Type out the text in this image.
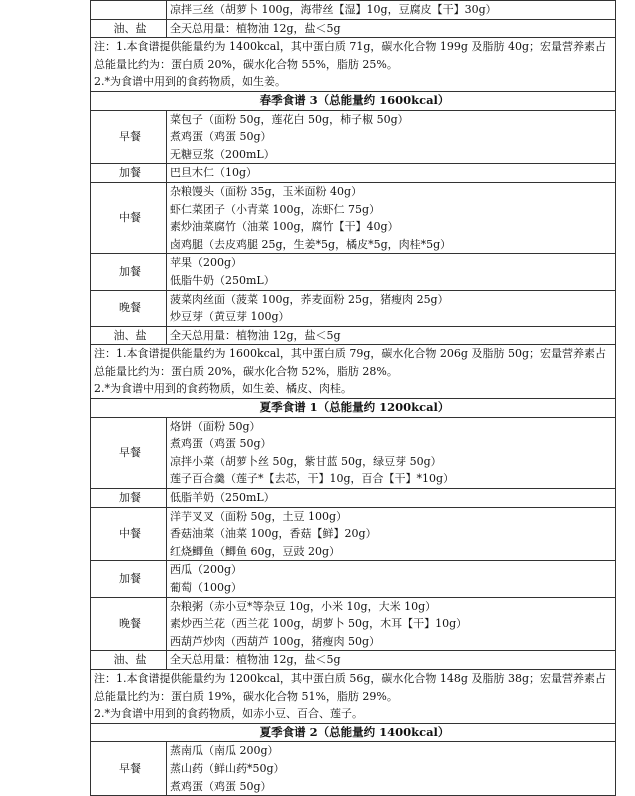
	凉拌三丝（胡萝卜 100g，海带丝【湿】10g，豆腐皮【干】30g）

油、盐	全天总用量：植物油 12g，盐＜5g

注：1.本食谱提供能量约为 1400kcal，其中蛋白质 71g，碳水化合物 199g 及脂肪 40g；宏量营养素占总能量比约为：蛋白质 20%，碳水化合物 55%，脂肪 25%。
2.*为食谱中用到的食药物质，如生姜。	

春季食谱 3（总能量约 1600kcal）	
早餐	菜包子（面粉 50g，莲花白 50g，柿子椒 50g）
煮鸡蛋（鸡蛋 50g）
无糖豆浆（200mL）

加餐	巴旦木仁（10g）

中餐	杂粮馒头（面粉 35g，玉米面粉 40g）
虾仁菜团子（小青菜 100g，冻虾仁 75g）
素炒油菜腐竹（油菜 100g，腐竹【干】40g）
卤鸡腿（去皮鸡腿 25g，生姜*5g，橘皮*5g，肉桂*5g）

加餐	苹果（200g）
低脂牛奶（250mL）

晚餐	菠菜肉丝面（菠菜 100g，荞麦面粉 25g，猪瘦肉 25g）
炒豆芽（黄豆芽 100g）

油、盐	全天总用量：植物油 12g，盐＜5g

注：1.本食谱提供能量约为 1600kcal，其中蛋白质 79g，碳水化合物 206g 及脂肪 50g；宏量营养素占总能量比约为：蛋白质 20%，碳水化合物 52%，脂肪 28%。
2.*为食谱中用到的食药物质，如生姜、橘皮、肉桂。	

夏季食谱 1（总能量约 1200kcal）	
早餐	烙饼（面粉 50g）
煮鸡蛋（鸡蛋 50g）
凉拌小菜（胡萝卜丝 50g，紫甘蓝 50g，绿豆芽 50g）
莲子百合羹（莲子*【去芯，干】10g，百合【干】*10g）

加餐	低脂羊奶（250mL）

中餐	洋芋叉叉（面粉 50g，土豆 100g）
香菇油菜（油菜 100g，香菇【鲜】20g）
红烧鲫鱼（鲫鱼 60g，豆豉 20g）

加餐	西瓜（200g）
葡萄（100g）

晚餐	杂粮粥（赤小豆*等杂豆 10g，小米 10g，大米 10g）
素炒西兰花（西兰花 100g，胡萝卜 50g，木耳【干】10g）
西葫芦炒肉（西葫芦 100g，猪瘦肉 50g）

油、盐	全天总用量：植物油 12g，盐＜5g

注：1.本食谱提供能量约为 1200kcal，其中蛋白质 56g，碳水化合物 148g 及脂肪 38g；宏量营养素占总能量比约为：蛋白质 19%，碳水化合物 51%，脂肪 29%。
2.*为食谱中用到的食药物质，如赤小豆、百合、莲子。	

夏季食谱 2（总能量约 1400kcal）	
早餐	蒸南瓜（南瓜 200g）
蒸山药（鲜山药*50g）
煮鸡蛋（鸡蛋 50g）
